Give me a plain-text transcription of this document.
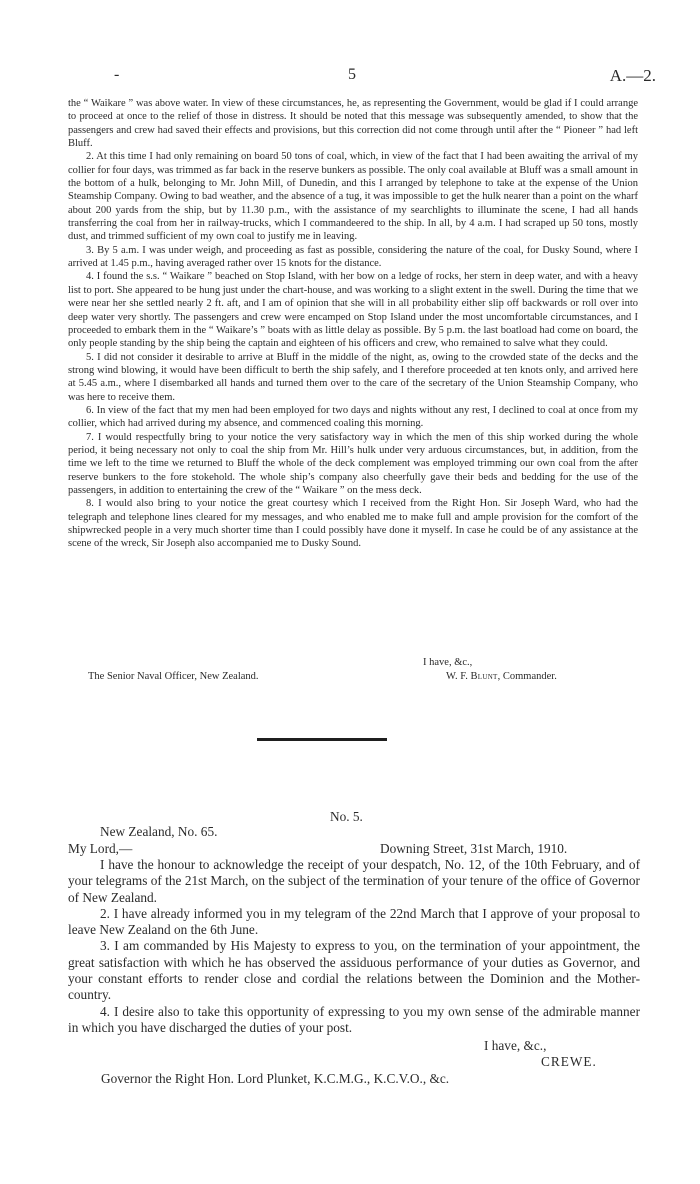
-	5	A.—2.

the “ Waikare ” was above water. In view of these circumstances, he, as representing the Government, would be glad if I could arrange to proceed at once to the relief of those in distress. It should be noted that this message was subsequently amended, to show that the passengers and crew had saved their effects and provisions, but this correction did not come through until after the “ Pioneer ” had left Bluff.

2. At this time I had only remaining on board 50 tons of coal, which, in view of the fact that I had been awaiting the arrival of my collier for four days, was trimmed as far back in the reserve bunkers as possible. The only coal available at Bluff was a small amount in the bottom of a hulk, belonging to Mr. John Mill, of Dunedin, and this I arranged by telephone to take at the expense of the Union Steamship Company. Owing to bad weather, and the absence of a tug, it was impossible to get the hulk nearer than a point on the wharf about 200 yards from the ship, but by 11.30 p.m., with the assistance of my searchlights to illuminate the scene, I had all hands transferring the coal from her in railway-trucks, which I commandeered to the ship. In all, by 4 a.m. I had scraped up 50 tons, mostly dust, and trimmed sufficient of my own coal to justify me in leaving.

3. By 5 a.m. I was under weigh, and proceeding as fast as possible, considering the nature of the coal, for Dusky Sound, where I arrived at 1.45 p.m., having averaged rather over 15 knots for the distance.

4. I found the s.s. “ Waikare ” beached on Stop Island, with her bow on a ledge of rocks, her stern in deep water, and with a heavy list to port. She appeared to be hung just under the chart-house, and was working to a slight extent in the swell. During the time that we were near her she settled nearly 2 ft. aft, and I am of opinion that she will in all probability either slip off backwards or roll over into deep water very shortly. The passengers and crew were encamped on Stop Island under the most uncomfortable circumstances, and I proceeded to embark them in the “ Waikare’s ” boats with as little delay as possible. By 5 p.m. the last boatload had come on board, the only people standing by the ship being the captain and eighteen of his officers and crew, who remained to salve what they could.

5. I did not consider it desirable to arrive at Bluff in the middle of the night, as, owing to the crowded state of the decks and the strong wind blowing, it would have been difficult to berth the ship safely, and I therefore proceeded at ten knots only, and arrived here at 5.45 a.m., where I disembarked all hands and turned them over to the care of the secretary of the Union Steamship Company, who was here to receive them.

6. In view of the fact that my men had been employed for two days and nights without any rest, I declined to coal at once from my collier, which had arrived during my absence, and commenced coaling this morning.

7. I would respectfully bring to your notice the very satisfactory way in which the men of this ship worked during the whole period, it being necessary not only to coal the ship from Mr. Hill’s hulk under very arduous circumstances, but, in addition, from the time we left to the time we returned to Bluff the whole of the deck complement was employed trimming our own coal from the after reserve bunkers to the fore stokehold. The whole ship’s company also cheerfully gave their beds and bedding for the use of the passengers, in addition to entertaining the crew of the “ Waikare ” on the mess deck.

8. I would also bring to your notice the great courtesy which I received from the Right Hon. Sir Joseph Ward, who had the telegraph and telephone lines cleared for my messages, and who enabled me to make full and ample provision for the comfort of the shipwrecked people in a very much shorter time than I could possibly have done it myself. In case he could be of any assistance at the scene of the wreck, Sir Joseph also accompanied me to Dusky Sound.

I have, &c.,
The Senior Naval Officer, New Zealand.	W. F. Blunt, Commander.
No. 5.
New Zealand, No. 65.
My Lord,—	Downing Street, 31st March, 1910.

I have the honour to acknowledge the receipt of your despatch, No. 12, of the 10th February, and of your telegrams of the 21st March, on the subject of the termination of your tenure of the office of Governor of New Zealand.

2. I have already informed you in my telegram of the 22nd March that I approve of your proposal to leave New Zealand on the 6th June.

3. I am commanded by His Majesty to express to you, on the termination of your appointment, the great satisfaction with which he has observed the assiduous performance of your duties as Governor, and your constant efforts to render close and cordial the relations between the Dominion and the Mother-country.

4. I desire also to take this opportunity of expressing to you my own sense of the admirable manner in which you have discharged the duties of your post.

I have, &c.,
CREWE.
Governor the Right Hon. Lord Plunket, K.C.M.G., K.C.V.O., &c.
